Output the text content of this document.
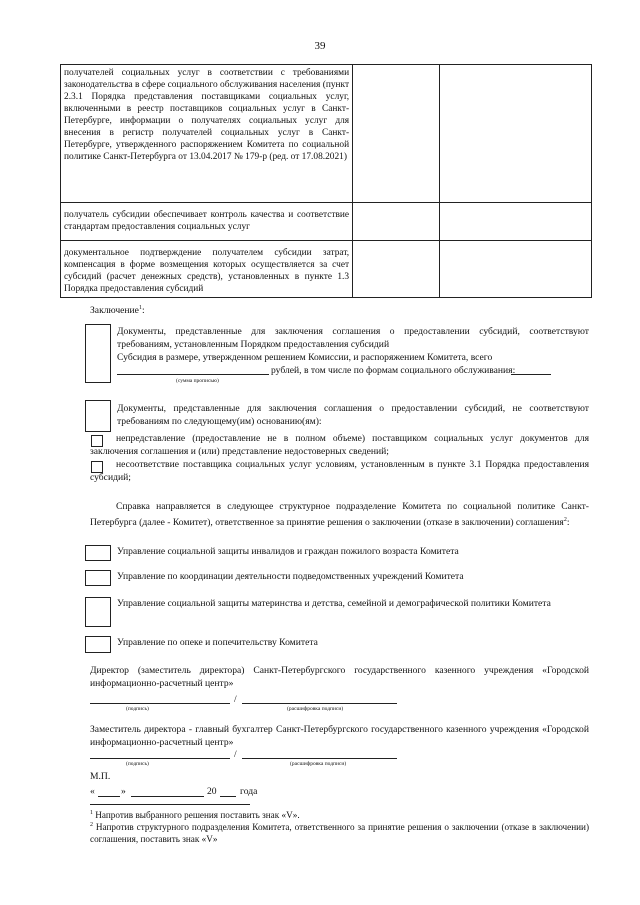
39
получателей социальных услуг в соответствии с требованиями законодательства в сфере социального обслуживания населения (пункт 2.3.1 Порядка представления поставщиками социальных услуг, включенными в реестр поставщиков социальных услуг в Санкт-Петербурге, информации о получателях социальных услуг для внесения в регистр получателей социальных услуг в Санкт-Петербурге, утвержденного распоряжением Комитета по социальной политике Санкт-Петербурга от 13.04.2017 № 179-р (ред. от 17.08.2021)		
получатель субсидии обеспечивает контроль качества и соответствие стандартам предоставления социальных услуг		
документальное подтверждение получателем субсидии затрат, компенсация в форме возмещения которых осуществляется за счет субсидий (расчет денежных средств), установленных в пункте 1.3 Порядка предоставления субсидий		
Заключение$^1$:
Документы, представленные для заключения соглашения о предоставлении субсидий, соответствуют требованиям, установленным Порядком предоставления субсидий
Субсидия в размере, утвержденном решением Комиссии, и распоряжением Комитета, всего
рублей, в том числе по формам социального обслуживания:
(сумма прописью)
Документы, представленные для заключения соглашения о предоставлении субсидий, не соответствуют требованиям по следующему(им) основанию(ям):
непредставление (предоставление не в полном объеме) поставщиком социальных услуг документов для заключения соглашения и (или) представление недостоверных сведений;
несоответствие поставщика социальных услуг условиям, установленным в пункте 3.1 Порядка предоставления субсидий;
Справка направляется в следующее структурное подразделение Комитета по социальной политике Санкт-Петербурга (далее - Комитет), ответственное за принятие решения о заключении (отказе в заключении) соглашения$^2$:
Управление социальной защиты инвалидов и граждан пожилого возраста Комитета
Управление по координации деятельности подведомственных учреждений Комитета
Управление социальной защиты материнства и детства, семейной и демографической политики Комитета
Управление по опеке и попечительству Комитета
Директор (заместитель директора) Санкт-Петербургского государственного казенного учреждения «Городской информационно-расчетный центр»
/
(подпись)	(расшифровка подписи)
Заместитель директора - главный бухгалтер Санкт-Петербургского государственного казенного учреждения «Городской информационно-расчетный центр»
/
(подпись)	(расшифровка подписи)
М.П.
«	»	20 года
$^1$ Напротив выбранного решения поставить знак «V».
$^2$ Напротив структурного подразделения Комитета, ответственного за принятие решения о заключении (отказе в заключении) соглашения, поставить знак «V»
